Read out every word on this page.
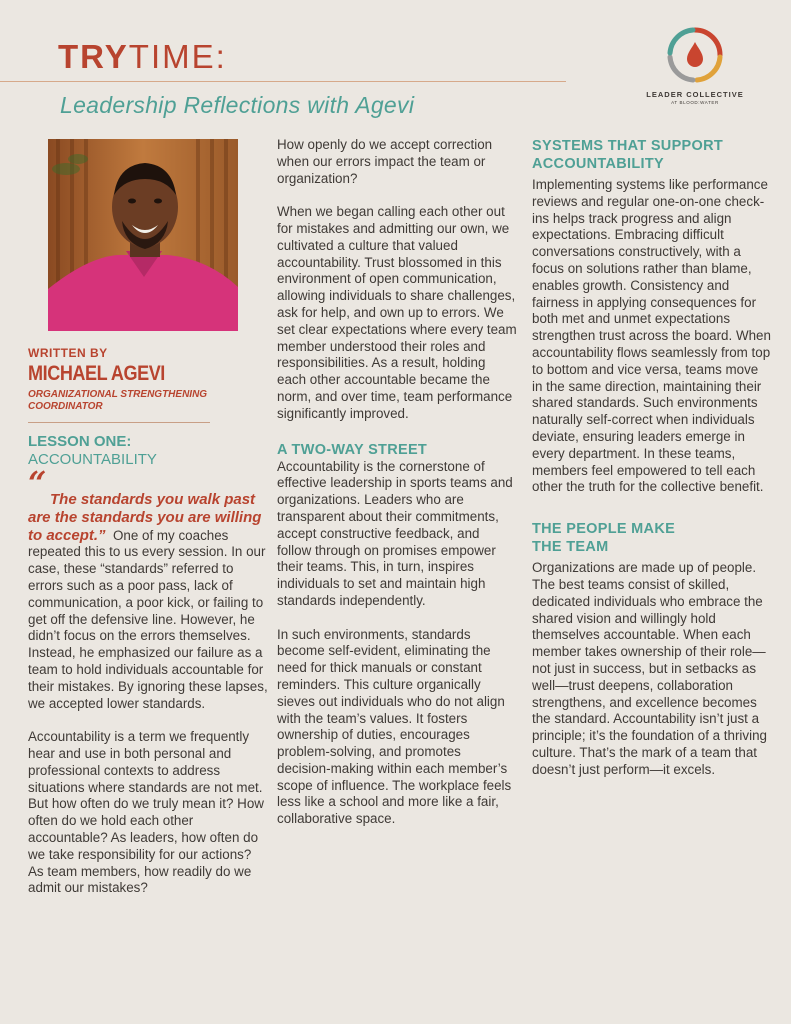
TRYTIME:
Leadership Reflections with Agevi	LEADER COLLECTIVE
AT BLOOD:WATER
WRITTEN BY
MICHAEL AGEVI
ORGANIZATIONAL STRENGTHENING COORDINATOR
LESSON ONE:
ACCOUNTABILITY
“ The standards you walk past are the standards you are willing to accept.” One of my coaches repeated this to us every session. In our case, these “standards” referred to errors such as a poor pass, lack of communication, a poor kick, or failing to get off the defensive line. However, he didn’t focus on the errors themselves. Instead, he emphasized our failure as a team to hold individuals accountable for their mistakes. By ignoring these lapses, we accepted lower standards.

Accountability is a term we frequently hear and use in both personal and professional contexts to address situations where standards are not met. But how often do we truly mean it? How often do we hold each other accountable? As leaders, how often do we take responsibility for our actions? As team members, how readily do we admit our mistakes?

How openly do we accept correction when our errors impact the team or organization?

When we began calling each other out for mistakes and admitting our own, we cultivated a culture that valued accountability. Trust blossomed in this environment of open communication, allowing individuals to share challenges, ask for help, and own up to errors. We set clear expectations where every team member understood their roles and responsibilities. As a result, holding each other accountable became the norm, and over time, team performance significantly improved.

A TWO-WAY STREET

Accountability is the cornerstone of effective leadership in sports teams and organizations. Leaders who are transparent about their commitments, accept constructive feedback, and follow through on promises empower their teams. This, in turn, inspires individuals to set and maintain high standards independently.

In such environments, standards become self-evident, eliminating the need for thick manuals or constant reminders. This culture organically sieves out individuals who do not align with the team’s values. It fosters ownership of duties, encourages problem-solving, and promotes decision-making within each member’s scope of influence. The workplace feels less like a school and more like a fair, collaborative space.

SYSTEMS THAT SUPPORT ACCOUNTABILITY

Implementing systems like performance reviews and regular one-on-one check-ins helps track progress and align expectations. Embracing difficult conversations constructively, with a focus on solutions rather than blame, enables growth. Consistency and fairness in applying consequences for both met and unmet expectations strengthen trust across the board. When accountability flows seamlessly from top to bottom and vice versa, teams move in the same direction, maintaining their shared standards. Such environments naturally self-correct when individuals deviate, ensuring leaders emerge in every department. In these teams, members feel empowered to tell each other the truth for the collective benefit.

THE PEOPLE MAKE THE TEAM

Organizations are made up of people. The best teams consist of skilled, dedicated individuals who embrace the shared vision and willingly hold themselves accountable. When each member takes ownership of their role—not just in success, but in setbacks as well—trust deepens, collaboration strengthens, and excellence becomes the standard. Accountability isn’t just a principle; it’s the foundation of a thriving culture. That’s the mark of a team that doesn’t just perform—it excels.
